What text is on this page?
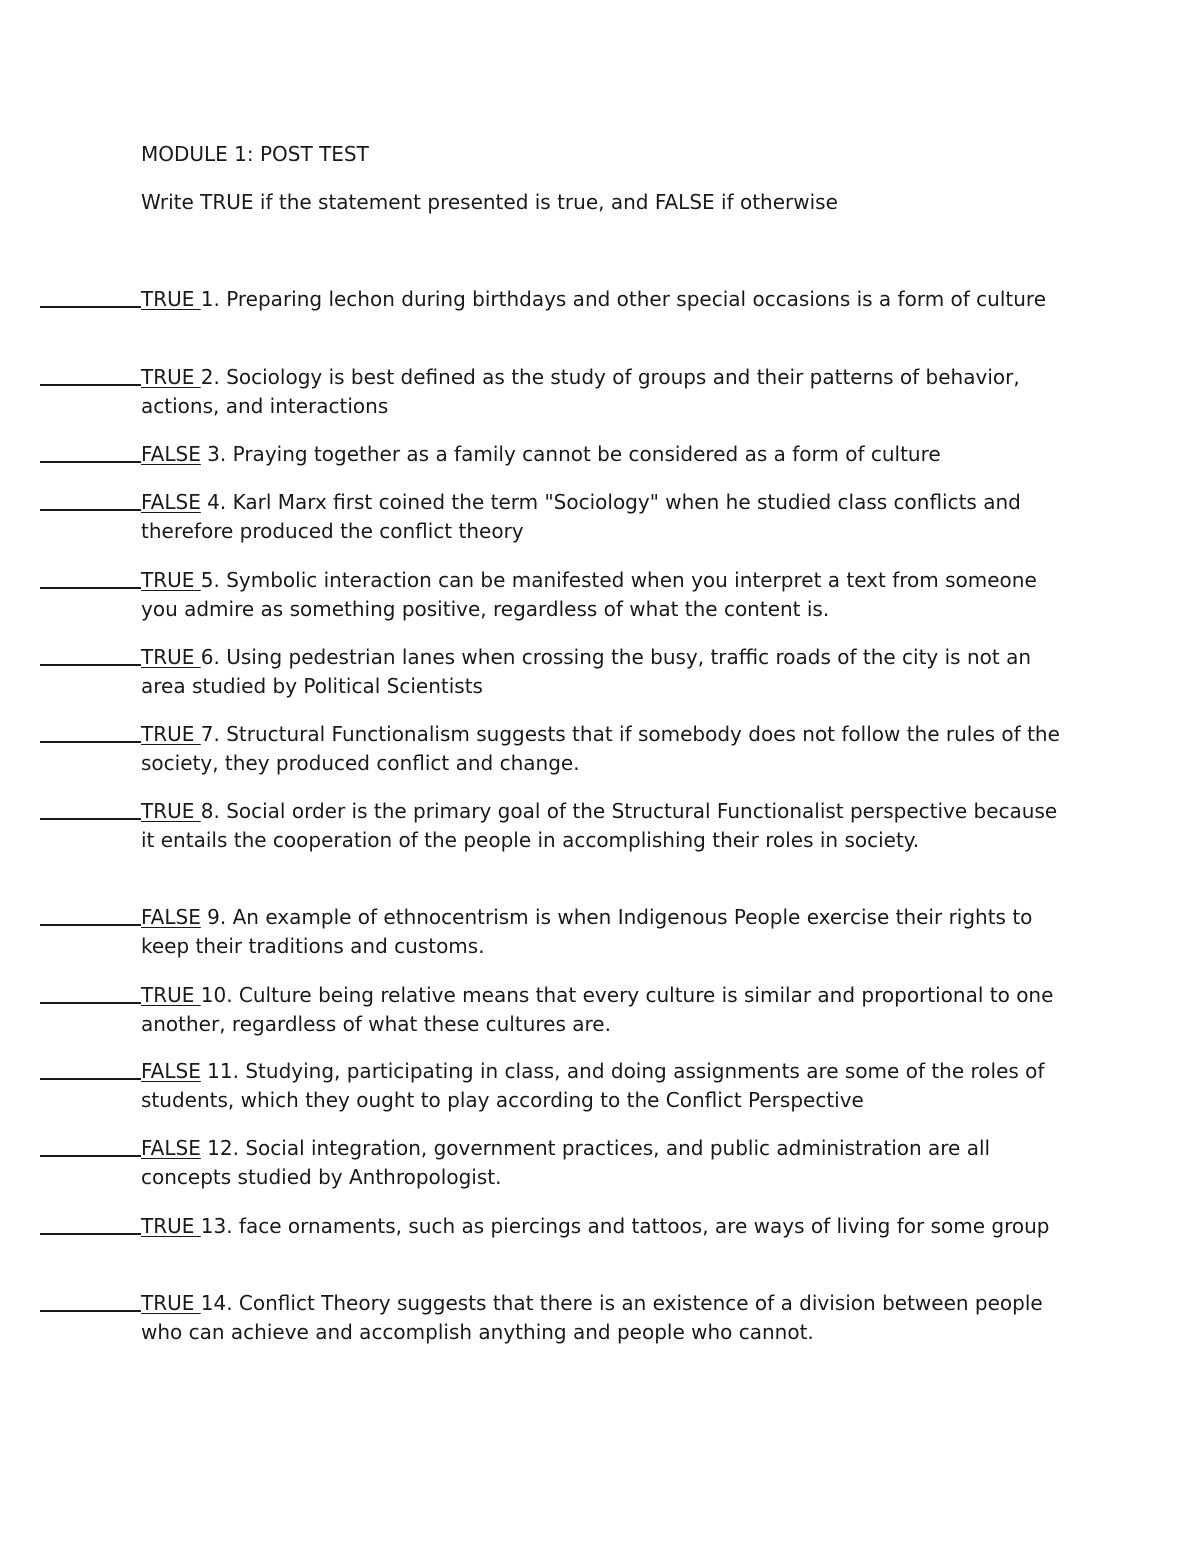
MODULE 1: POST TEST
Write TRUE if the statement presented is true, and FALSE if otherwise
TRUE 1. Preparing lechon during birthdays and other special occasions is a form of culture
TRUE 2. Sociology is best defined as the study of groups and their patterns of behavior, actions, and interactions
FALSE 3. Praying together as a family cannot be considered as a form of culture
FALSE 4. Karl Marx first coined the term "Sociology" when he studied class conflicts and therefore produced the conflict theory
TRUE 5. Symbolic interaction can be manifested when you interpret a text from someone you admire as something positive, regardless of what the content is.
TRUE 6. Using pedestrian lanes when crossing the busy, traffic roads of the city is not an area studied by Political Scientists
TRUE 7. Structural Functionalism suggests that if somebody does not follow the rules of the society, they produced conflict and change.
TRUE 8. Social order is the primary goal of the Structural Functionalist perspective because it entails the cooperation of the people in accomplishing their roles in society.
FALSE 9. An example of ethnocentrism is when Indigenous People exercise their rights to keep their traditions and customs.
TRUE 10. Culture being relative means that every culture is similar and proportional to one another, regardless of what these cultures are.
FALSE 11. Studying, participating in class, and doing assignments are some of the roles of students, which they ought to play according to the Conflict Perspective
FALSE 12. Social integration, government practices, and public administration are all concepts studied by Anthropologist.
TRUE 13. face ornaments, such as piercings and tattoos, are ways of living for some group
TRUE 14. Conflict Theory suggests that there is an existence of a division between people who can achieve and accomplish anything and people who cannot.
